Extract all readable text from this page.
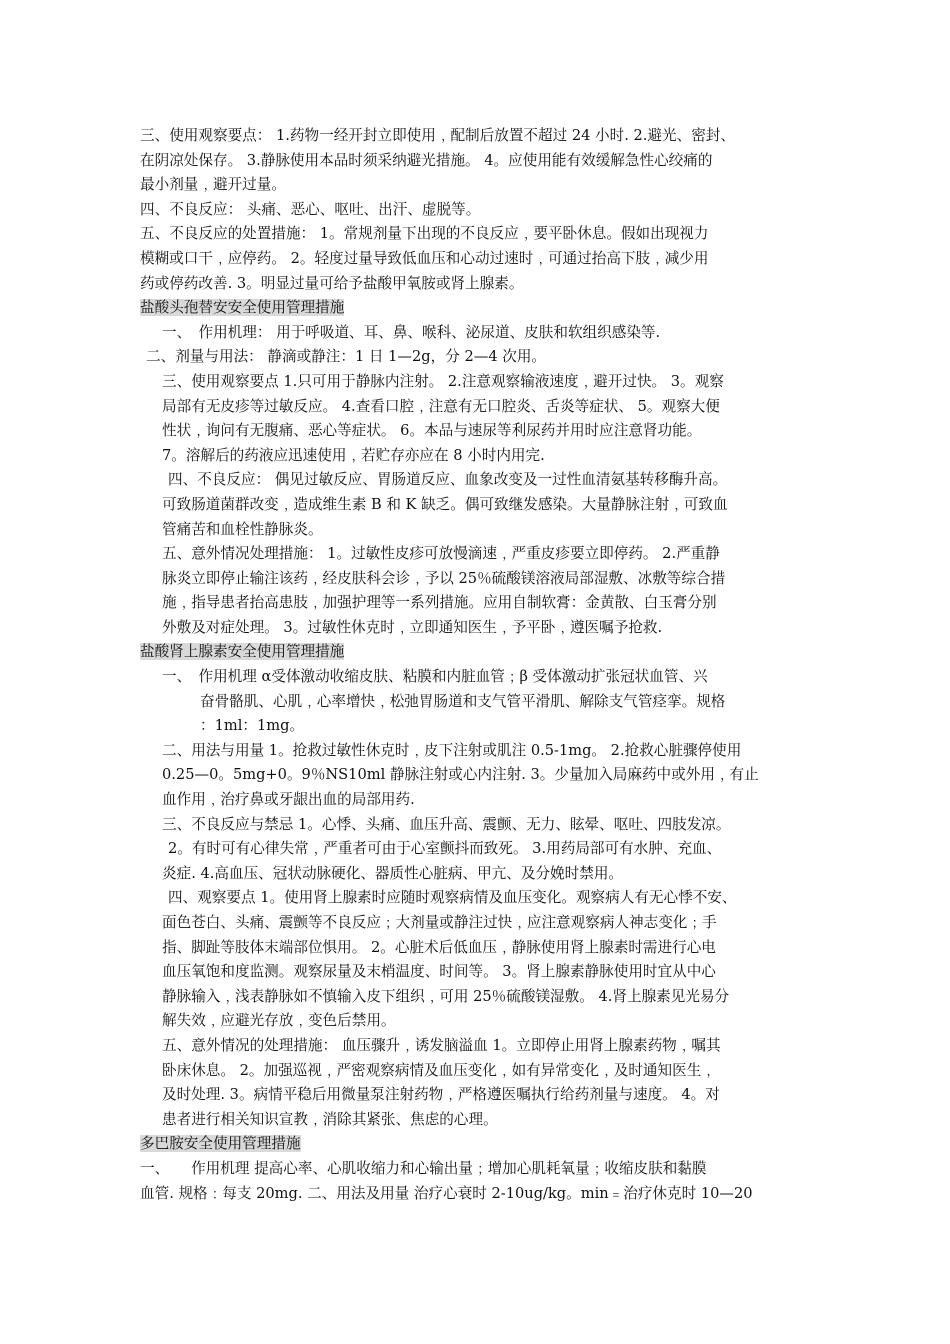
三、使用观察要点： 1.药物一经开封立即使用﹐配制后放置不超过 24 小时. 2.避光、密封、

在阴凉处保存。 3.静脉使用本品时须采纳避光措施。 4。应使用能有效缓解急性心绞痛的

最小剂量﹐避开过量。

四、不良反应： 头痛、恶心、呕吐、出汗、虚脱等。

五、不良反应的处置措施： 1。常规剂量下出现的不良反应﹐要平卧休息。假如出现视力

模糊或口干﹐应停药。 2。轻度过量导致低血压和心动过速时﹐可通过抬高下肢﹐减少用

药或停药改善. 3。明显过量可给予盐酸甲氧胺或肾上腺素。

盐酸头孢替安安全使用管理措施

一、　作用机理： 用于呼吸道、耳、鼻、喉科、泌尿道、皮肤和软组织感染等.

二、剂量与用法： 静滴或静注：1 日 1—2g，分 2—4 次用。

三、使用观察要点 1.只可用于静脉内注射。 2.注意观察输液速度﹐避开过快。 3。观察

局部有无皮疹等过敏反应。 4.查看口腔﹐注意有无口腔炎、舌炎等症状、 5。观察大便

性状﹐询问有无腹痛、恶心等症状。 6。本品与速尿等利尿药并用时应注意肾功能。

7。溶解后的药液应迅速使用﹐若贮存亦应在 8 小时内用完.

四、不良反应： 偶见过敏反应、胃肠道反应、血象改变及一过性血清氨基转移酶升高。

可致肠道菌群改变﹐造成维生素 B 和 K 缺乏。偶可致继发感染。大量静脉注射﹐可致血

管痛苦和血栓性静脉炎。

五、意外情况处理措施： 1。过敏性皮疹可放慢滴速﹐严重皮疹要立即停药。 2.严重静

脉炎立即停止输注该药﹐经皮肤科会诊﹐予以 25％硫酸镁溶液局部湿敷、冰敷等综合措

施﹐指导患者抬高患肢﹐加强护理等一系列措施。应用自制软膏：金黄散、白玉膏分别

外敷及对症处理。 3。过敏性休克时﹐立即通知医生﹐予平卧﹐遵医嘱予抢救.

盐酸肾上腺素安全使用管理措施

一、　作用机理 α受体激动收缩皮肤、粘膜和内脏血管﹔β 受体激动扩张冠状血管、兴

奋骨骼肌、心肌﹐心率增快﹐松弛胃肠道和支气管平滑肌、解除支气管痉挛。规格

：1ml：1mg。

二、用法与用量 1。抢救过敏性休克时﹐皮下注射或肌注 0.5-1mg。 2.抢救心脏骤停使用

0.25—0。5mg+0。9％NS10ml 静脉注射或心内注射. 3。少量加入局麻药中或外用﹐有止

血作用﹐治疗鼻或牙龈出血的局部用药.

三、不良反应与禁忌 1。心悸、头痛、血压升高、震颤、无力、眩晕、呕吐、四肢发凉。

2。有时可有心律失常﹐严重者可由于心室颤抖而致死。 3.用药局部可有水肿、充血、

炎症. 4.高血压、冠状动脉硬化、器质性心脏病、甲亢、及分娩时禁用。

四、观察要点 1。使用肾上腺素时应随时观察病情及血压变化。观察病人有无心悸不安、

面色苍白、头痛、震颤等不良反应﹔大剂量或静注过快﹐应注意观察病人神志变化﹔手

指、脚趾等肢体末端部位惧用。 2。心脏术后低血压﹐静脉使用肾上腺素时需进行心电

血压氧饱和度监测。观察尿量及末梢温度、时间等。 3。肾上腺素静脉使用时宜从中心

静脉输入﹐浅表静脉如不慎输入皮下组织﹐可用 25％硫酸镁湿敷。 4.肾上腺素见光易分

解失效﹐应避光存放﹐变色后禁用。

五、意外情况的处理措施： 血压骤升﹐诱发脑溢血 1。立即停止用肾上腺素药物﹐嘱其

卧床休息。 2。加强巡视﹐严密观察病情及血压变化﹐如有异常变化﹐及时通知医生﹐

及时处理. 3。病情平稳后用微量泵注射药物﹐严格遵医嘱执行给药剂量与速度。 4。对

患者进行相关知识宣教﹐消除其紧张、焦虑的心理。

多巴胺安全使用管理措施

一、　　作用机理 提高心率、心肌收缩力和心输出量﹔增加心肌耗氧量﹔收缩皮肤和黏膜

血管. 规格﹕每支 20mg. 二、用法及用量 治疗心衰时 2-10ug/kg。min﹦治疗休克时 10—20
